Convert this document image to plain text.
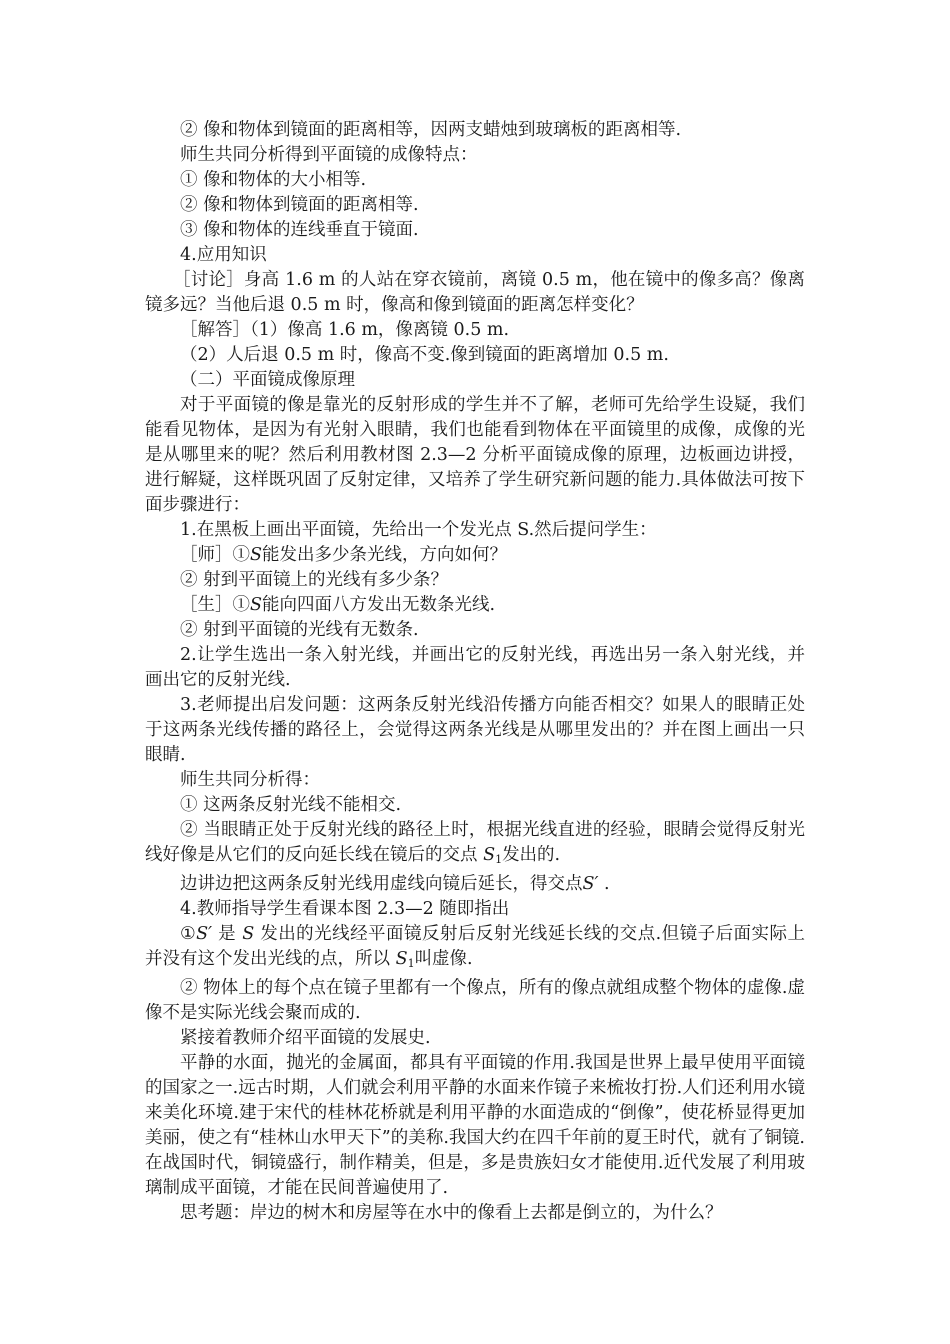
② 像和物体到镜面的距离相等，因两支蜡烛到玻璃板的距离相等.

师生共同分析得到平面镜的成像特点：

① 像和物体的大小相等.

② 像和物体到镜面的距离相等.

③ 像和物体的连线垂直于镜面.

4.应用知识

［讨论］身高 1.6 m 的人站在穿衣镜前，离镜 0.5 m，他在镜中的像多高？像离镜多远？当他后退 0.5 m 时，像高和像到镜面的距离怎样变化？

［解答］（1）像高 1.6 m，像离镜 0.5 m.

（2）人后退 0.5 m 时，像高不变.像到镜面的距离增加 0.5 m.

（二）平面镜成像原理

对于平面镜的像是靠光的反射形成的学生并不了解，老师可先给学生设疑，我们能看见物体，是因为有光射入眼睛，我们也能看到物体在平面镜里的成像，成像的光是从哪里来的呢？然后利用教材图 2.3—2 分析平面镜成像的原理，边板画边讲授，进行解疑，这样既巩固了反射定律，又培养了学生研究新问题的能力.具体做法可按下面步骤进行：

1.在黑板上画出平面镜，先给出一个发光点 S.然后提问学生：

［师］①S能发出多少条光线，方向如何？

② 射到平面镜上的光线有多少条？

［生］①S能向四面八方发出无数条光线.

② 射到平面镜的光线有无数条.

2.让学生选出一条入射光线，并画出它的反射光线，再选出另一条入射光线，并画出它的反射光线.

3.老师提出启发问题：这两条反射光线沿传播方向能否相交？如果人的眼睛正处于这两条光线传播的路径上，会觉得这两条光线是从哪里发出的？并在图上画出一只眼睛.

师生共同分析得：

① 这两条反射光线不能相交.

② 当眼睛正处于反射光线的路径上时，根据光线直进的经验，眼睛会觉得反射光线好像是从它们的反向延长线在镜后的交点 $S_1$发出的.

边讲边把这两条反射光线用虚线向镜后延长，得交点S′ .

4.教师指导学生看课本图 2.3—2 随即指出

①S′ 是 S 发出的光线经平面镜反射后反射光线延长线的交点.但镜子后面实际上并没有这个发出光线的点，所以 $S_1$叫虚像.

② 物体上的每个点在镜子里都有一个像点，所有的像点就组成整个物体的虚像.虚像不是实际光线会聚而成的.

紧接着教师介绍平面镜的发展史.

平静的水面，抛光的金属面，都具有平面镜的作用.我国是世界上最早使用平面镜的国家之一.远古时期，人们就会利用平静的水面来作镜子来梳妆打扮.人们还利用水镜来美化环境.建于宋代的桂林花桥就是利用平静的水面造成的“倒像”，使花桥显得更加美丽，使之有“桂林山水甲天下”的美称.我国大约在四千年前的夏王时代，就有了铜镜.在战国时代，铜镜盛行，制作精美，但是，多是贵族妇女才能使用.近代发展了利用玻璃制成平面镜，才能在民间普遍使用了.

思考题：岸边的树木和房屋等在水中的像看上去都是倒立的，为什么？
